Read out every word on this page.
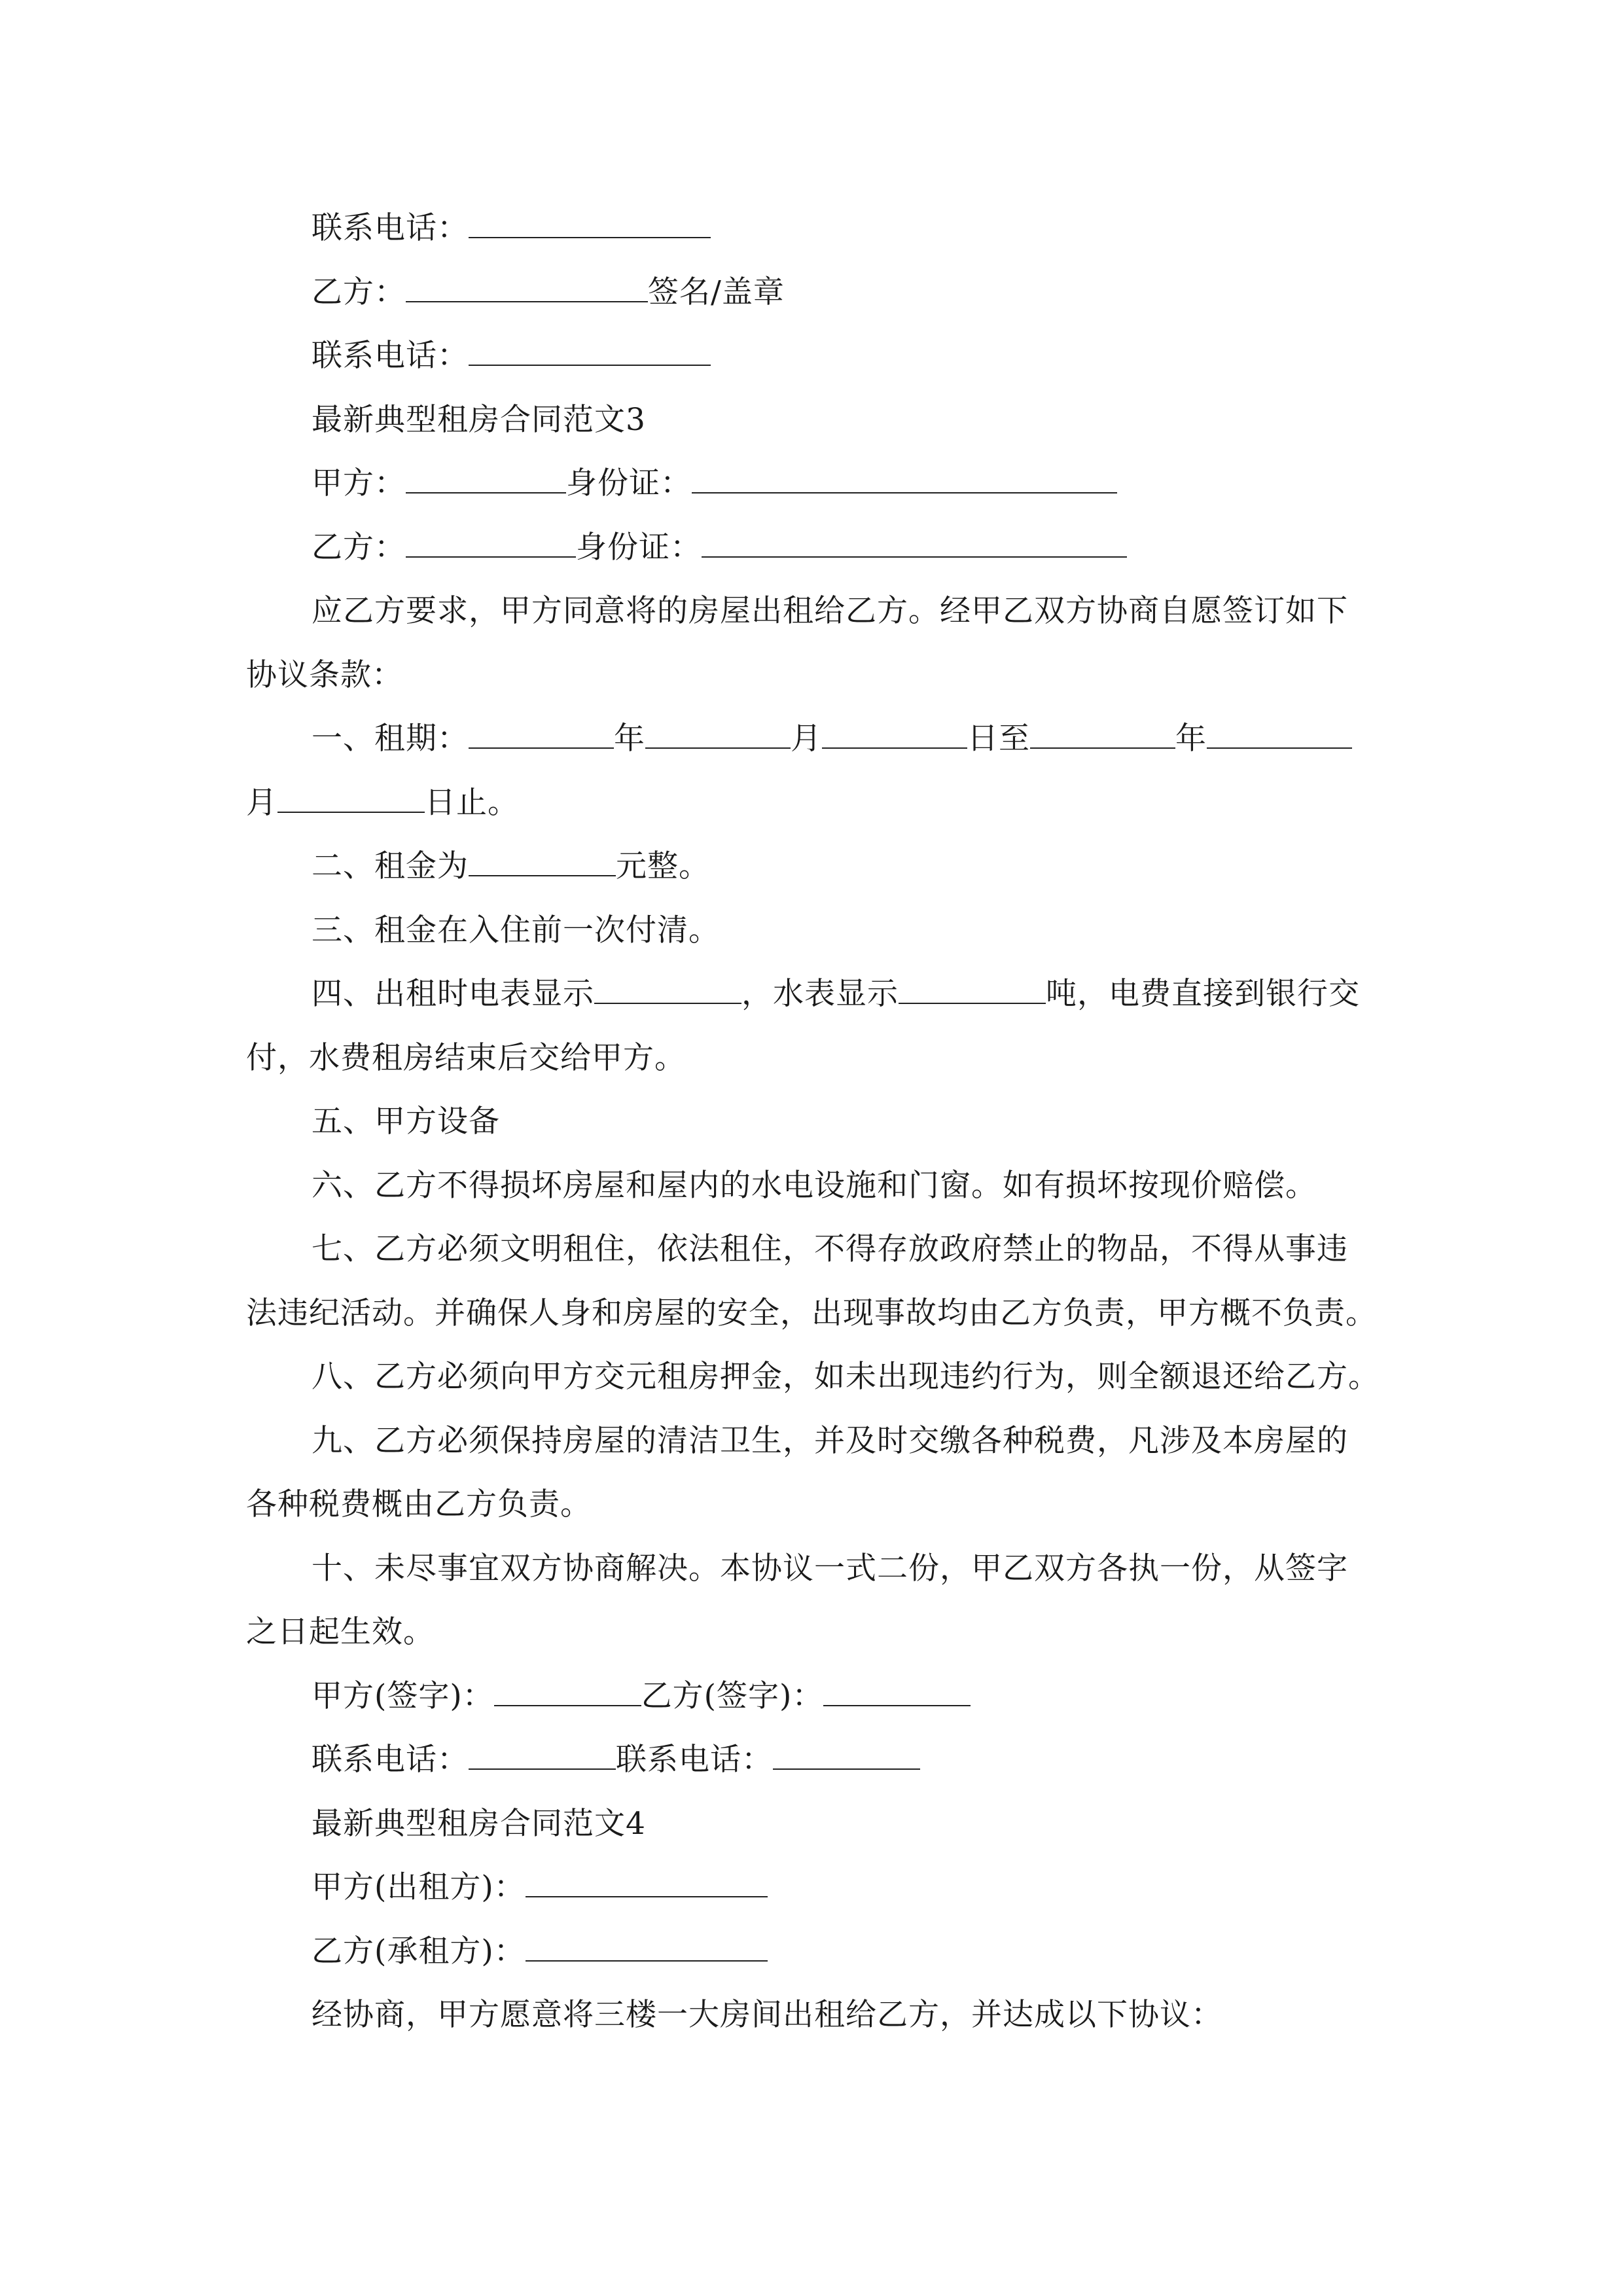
联系电话：
乙方：	签名/盖章
联系电话：
最新典型租房合同范文3
甲方：	身份证：
乙方：	身份证：
应乙方要求，甲方同意将的房屋出租给乙方。经甲乙双方协商自愿签订如下
协议条款：
一、租期：	年	月	日至	年
月	日止。
二、租金为	元整。
三、租金在入住前一次付清。
四、出租时电表显示	，水表显示	吨，电费直接到银行交
付，水费租房结束后交给甲方。
五、甲方设备
六、乙方不得损坏房屋和屋内的水电设施和门窗。如有损坏按现价赔偿。
七、乙方必须文明租住，依法租住，不得存放政府禁止的物品，不得从事违
法违纪活动。并确保人身和房屋的安全，出现事故均由乙方负责，甲方概不负责。
八、乙方必须向甲方交元租房押金，如未出现违约行为，则全额退还给乙方。
九、乙方必须保持房屋的清洁卫生，并及时交缴各种税费，凡涉及本房屋的
各种税费概由乙方负责。
十、未尽事宜双方协商解决。本协议一式二份，甲乙双方各执一份，从签字
之日起生效。
甲方(签字)：	乙方(签字)：
联系电话：	联系电话：
最新典型租房合同范文4
甲方(出租方)：
乙方(承租方)：
经协商，甲方愿意将三楼一大房间出租给乙方，并达成以下协议：
